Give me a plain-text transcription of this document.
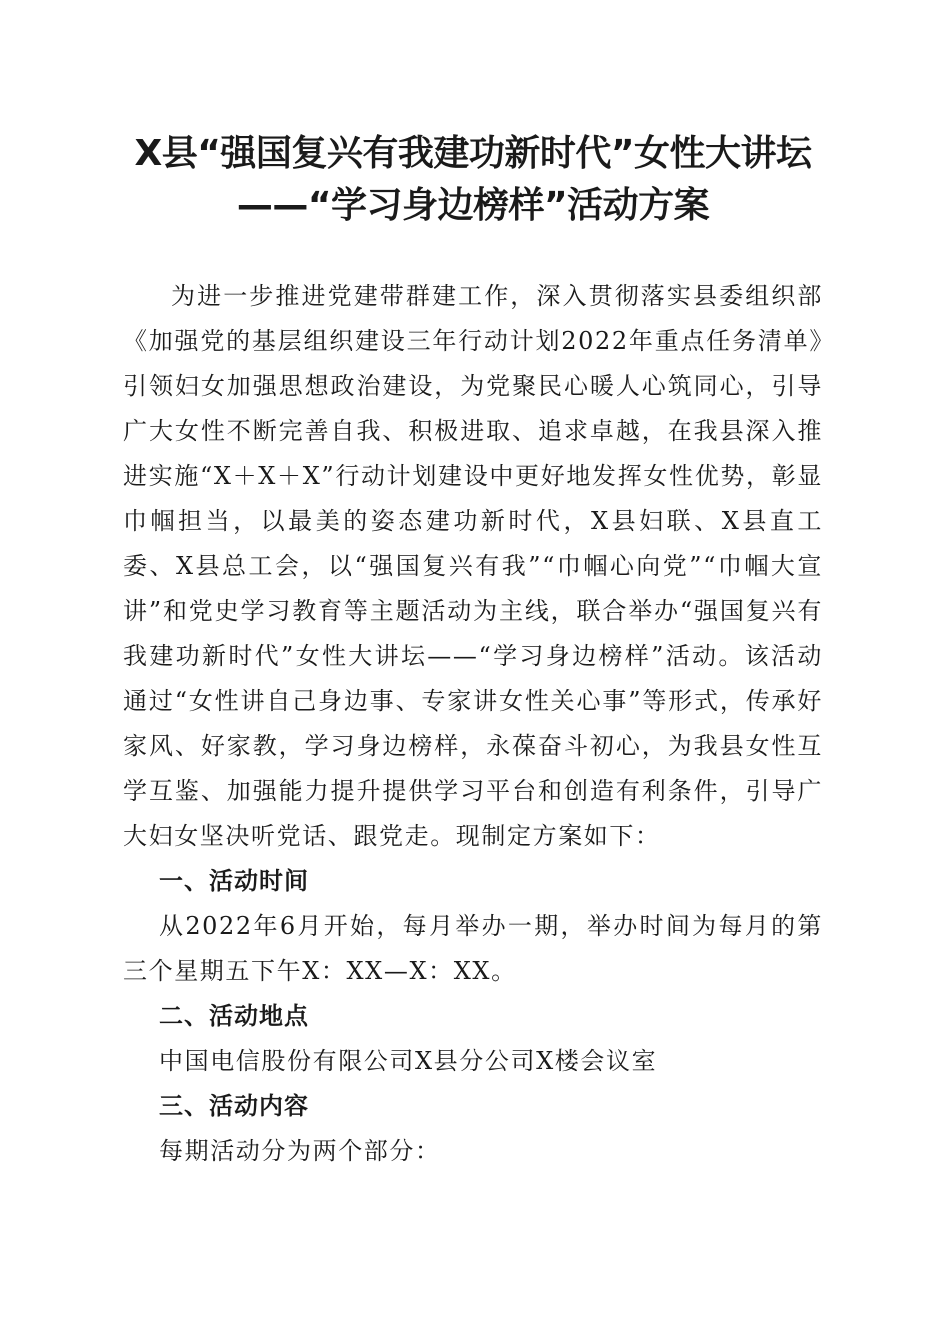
X县“强国复兴有我建功新时代”女性大讲坛
——“学习身边榜样”活动方案

为进一步推进党建带群建工作，深入贯彻落实县委组织部《加强党的基层组织建设三年行动计划2022年重点任务清单》引领妇女加强思想政治建设，为党聚民心暖人心筑同心，引导广大女性不断完善自我、积极进取、追求卓越，在我县深入推进实施“X＋X＋X”行动计划建设中更好地发挥女性优势，彰显巾帼担当，以最美的姿态建功新时代，X县妇联、X县直工委、X县总工会，以“强国复兴有我”“巾帼心向党”“巾帼大宣讲”和党史学习教育等主题活动为主线，联合举办“强国复兴有我建功新时代”女性大讲坛——“学习身边榜样”活动。该活动通过“女性讲自己身边事、专家讲女性关心事”等形式，传承好家风、好家教，学习身边榜样，永葆奋斗初心，为我县女性互学互鉴、加强能力提升提供学习平台和创造有利条件，引导广大妇女坚决听党话、跟党走。现制定方案如下：

一、活动时间

从2022年6月开始，每月举办一期，举办时间为每月的第三个星期五下午X：XX—X：XX。

二、活动地点

中国电信股份有限公司X县分公司X楼会议室

三、活动内容

每期活动分为两个部分：
